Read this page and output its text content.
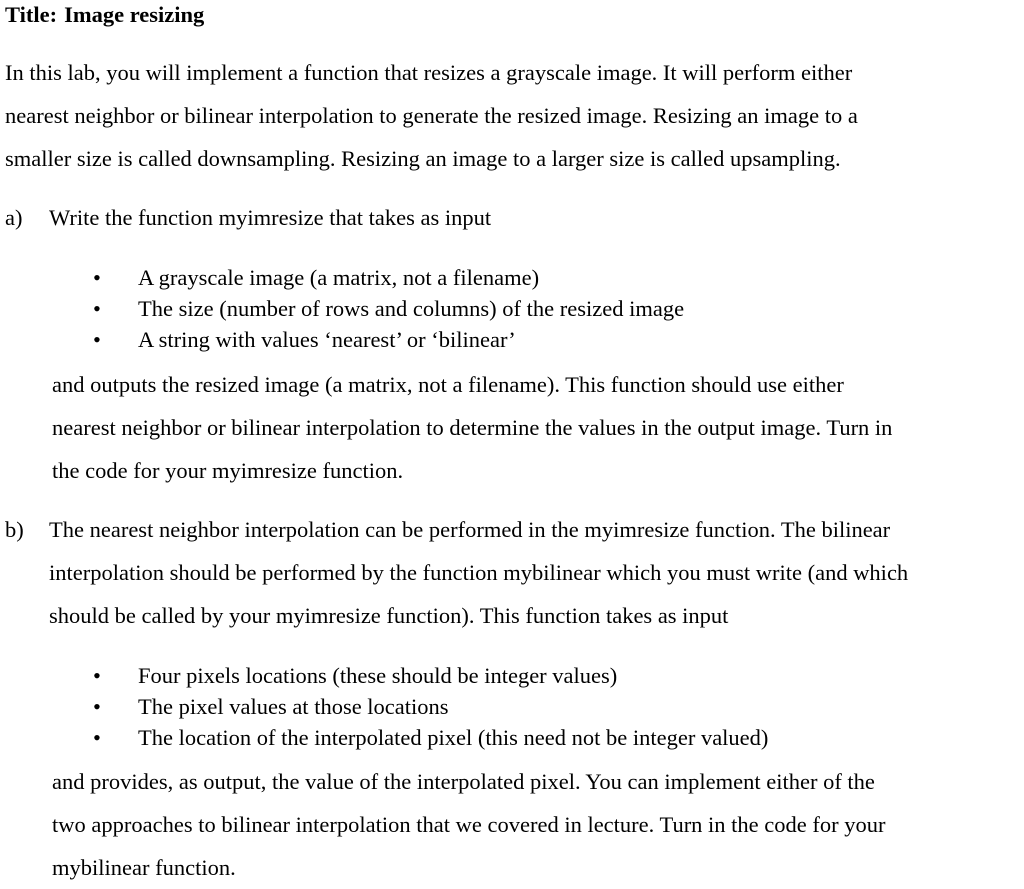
Title: Image resizing
In this lab, you will implement a function that resizes a grayscale image. It will perform either
nearest neighbor or bilinear interpolation to generate the resized image. Resizing an image to a
smaller size is called downsampling. Resizing an image to a larger size is called upsampling.
a) Write the function myimresize that takes as input
• A grayscale image (a matrix, not a filename)
• The size (number of rows and columns) of the resized image
• A string with values ‘nearest’ or ‘bilinear’
and outputs the resized image (a matrix, not a filename). This function should use either
nearest neighbor or bilinear interpolation to determine the values in the output image. Turn in
the code for your myimresize function.
b) The nearest neighbor interpolation can be performed in the myimresize function. The bilinear
interpolation should be performed by the function mybilinear which you must write (and which
should be called by your myimresize function). This function takes as input
• Four pixels locations (these should be integer values)
• The pixel values at those locations
• The location of the interpolated pixel (this need not be integer valued)
and provides, as output, the value of the interpolated pixel. You can implement either of the
two approaches to bilinear interpolation that we covered in lecture. Turn in the code for your
mybilinear function.
